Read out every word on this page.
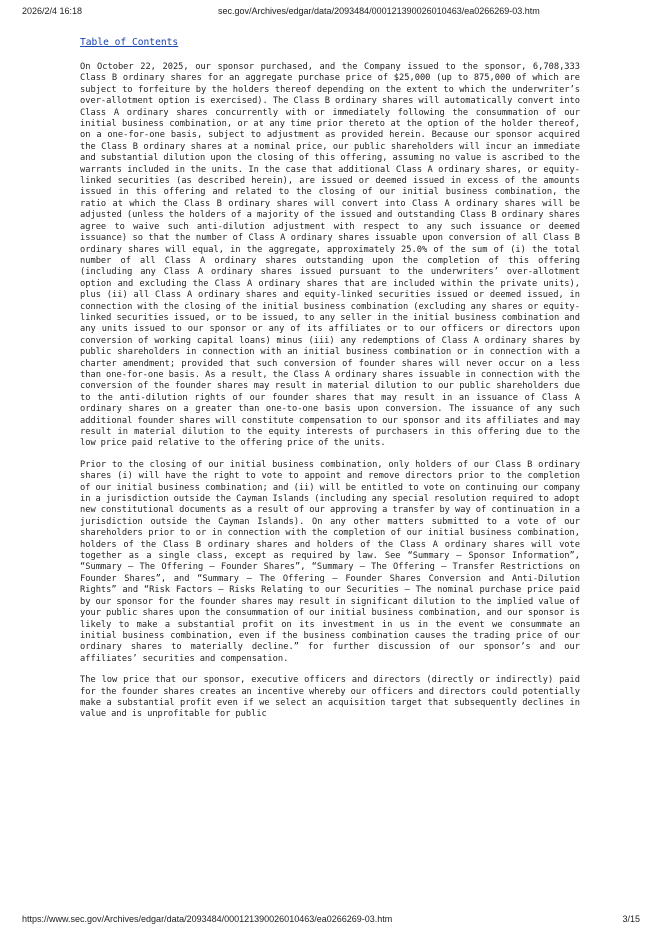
2026/2/4 16:18	sec.gov/Archives/edgar/data/2093484/000121390026010463/ea0266269-03.htm
Table of Contents

On October 22, 2025, our sponsor purchased, and the Company issued to the sponsor, 6,708,333 Class B ordinary shares for an aggregate purchase price of $25,000 (up to 875,000 of which are subject to forfeiture by the holders thereof depending on the extent to which the underwriter’s over-allotment option is exercised). The Class B ordinary shares will automatically convert into Class A ordinary shares concurrently with or immediately following the consummation of our initial business combination, or at any time prior thereto at the option of the holder thereof, on a one-for-one basis, subject to adjustment as provided herein. Because our sponsor acquired the Class B ordinary shares at a nominal price, our public shareholders will incur an immediate and substantial dilution upon the closing of this offering, assuming no value is ascribed to the warrants included in the units. In the case that additional Class A ordinary shares, or equity-linked securities (as described herein), are issued or deemed issued in excess of the amounts issued in this offering and related to the closing of our initial business combination, the ratio at which the Class B ordinary shares will convert into Class A ordinary shares will be adjusted (unless the holders of a majority of the issued and outstanding Class B ordinary shares agree to waive such anti-dilution adjustment with respect to any such issuance or deemed issuance) so that the number of Class A ordinary shares issuable upon conversion of all Class B ordinary shares will equal, in the aggregate, approximately 25.0% of the sum of (i) the total number of all Class A ordinary shares outstanding upon the completion of this offering (including any Class A ordinary shares issued pursuant to the underwriters’ over-allotment option and excluding the Class A ordinary shares that are included within the private units), plus (ii) all Class A ordinary shares and equity-linked securities issued or deemed issued, in connection with the closing of the initial business combination (excluding any shares or equity-linked securities issued, or to be issued, to any seller in the initial business combination and any units issued to our sponsor or any of its affiliates or to our officers or directors upon conversion of working capital loans) minus (iii) any redemptions of Class A ordinary shares by public shareholders in connection with an initial business combination or in connection with a charter amendment; provided that such conversion of founder shares will never occur on a less than one-for-one basis. As a result, the Class A ordinary shares issuable in connection with the conversion of the founder shares may result in material dilution to our public shareholders due to the anti-dilution rights of our founder shares that may result in an issuance of Class A ordinary shares on a greater than one-to-one basis upon conversion. The issuance of any such additional founder shares will constitute compensation to our sponsor and its affiliates and may result in material dilution to the equity interests of purchasers in this offering due to the low price paid relative to the offering price of the units.

Prior to the closing of our initial business combination, only holders of our Class B ordinary shares (i) will have the right to vote to appoint and remove directors prior to the completion of our initial business combination; and (ii) will be entitled to vote on continuing our company in a jurisdiction outside the Cayman Islands (including any special resolution required to adopt new constitutional documents as a result of our approving a transfer by way of continuation in a jurisdiction outside the Cayman Islands). On any other matters submitted to a vote of our shareholders prior to or in connection with the completion of our initial business combination, holders of the Class B ordinary shares and holders of the Class A ordinary shares will vote together as a single class, except as required by law. See “Summary — Sponsor Information”, “Summary — The Offering — Founder Shares”, “Summary — The Offering — Transfer Restrictions on Founder Shares”, and “Summary — The Offering — Founder Shares Conversion and Anti-Dilution Rights” and “Risk Factors — Risks Relating to our Securities — The nominal purchase price paid by our sponsor for the founder shares may result in significant dilution to the implied value of your public shares upon the consummation of our initial business combination, and our sponsor is likely to make a substantial profit on its investment in us in the event we consummate an initial business combination, even if the business combination causes the trading price of our ordinary shares to materially decline.” for further discussion of our sponsor’s and our affiliates’ securities and compensation.

The low price that our sponsor, executive officers and directors (directly or indirectly) paid for the founder shares creates an incentive whereby our officers and directors could potentially make a substantial profit even if we select an acquisition target that subsequently declines in value and is unprofitable for public

https://www.sec.gov/Archives/edgar/data/2093484/000121390026010463/ea0266269-03.htm	3/15
